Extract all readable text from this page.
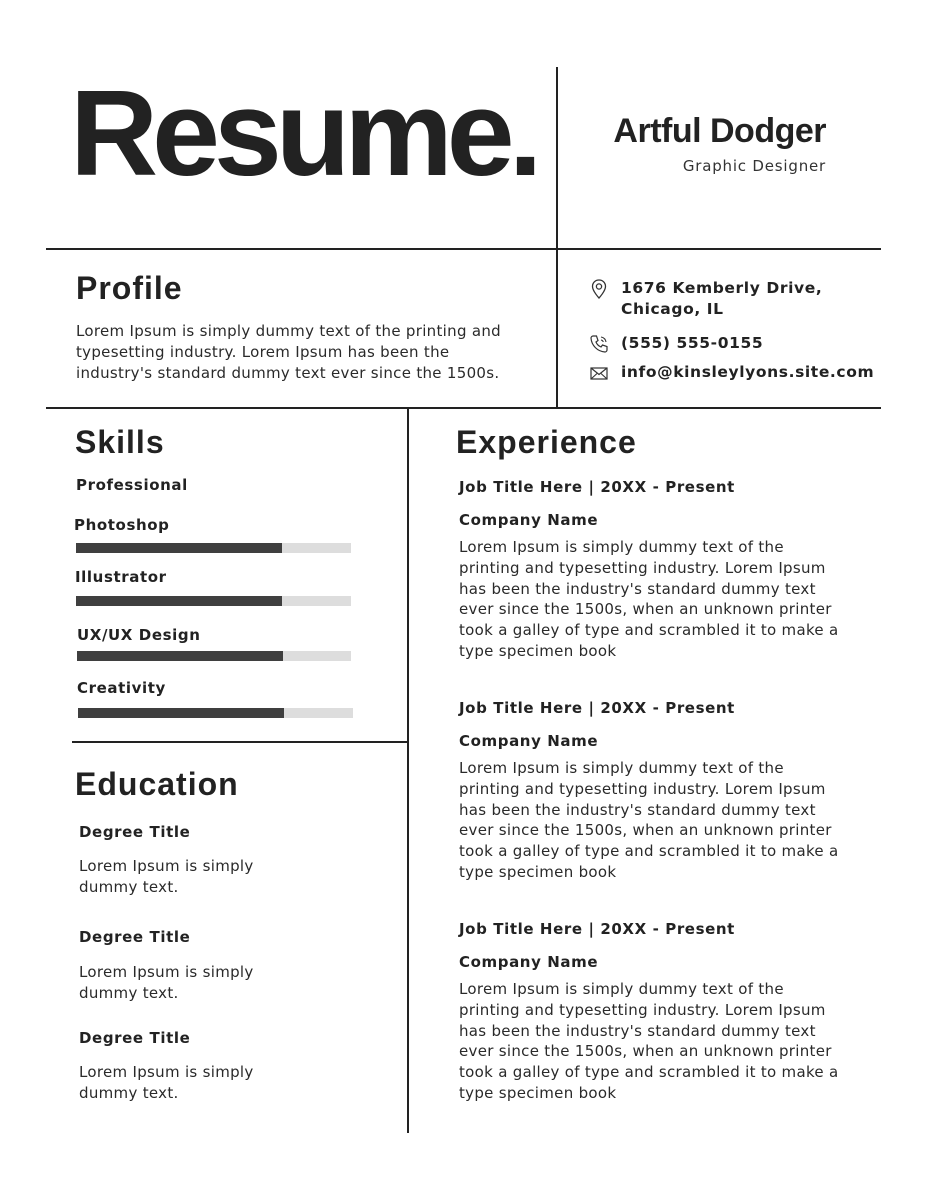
Resume. Artful Dodger
Graphic Designer
Profile
Lorem Ipsum is simply dummy text of the printing and typesetting industry. Lorem Ipsum has been the industry's standard dummy text ever since the 1500s.
1676 Kemberly Drive,
Chicago, IL
(555) 555-0155
info@kinsleylyons.site.com
Skills
Professional
Photoshop
Illustrator
UX/UX Design
Creativity
Education
Degree Title
Lorem Ipsum is simply dummy text.
Degree Title
Lorem Ipsum is simply dummy text.
Degree Title
Lorem Ipsum is simply dummy text.
Experience
Job Title Here | 20XX - Present
Company Name
Lorem Ipsum is simply dummy text of the printing and typesetting industry. Lorem Ipsum has been the industry's standard dummy text ever since the 1500s, when an unknown printer took a galley of type and scrambled it to make a type specimen book
Job Title Here | 20XX - Present
Company Name
Lorem Ipsum is simply dummy text of the printing and typesetting industry. Lorem Ipsum has been the industry's standard dummy text ever since the 1500s, when an unknown printer took a galley of type and scrambled it to make a type specimen book
Job Title Here | 20XX - Present
Company Name
Lorem Ipsum is simply dummy text of the printing and typesetting industry. Lorem Ipsum has been the industry's standard dummy text ever since the 1500s, when an unknown printer took a galley of type and scrambled it to make a type specimen book
